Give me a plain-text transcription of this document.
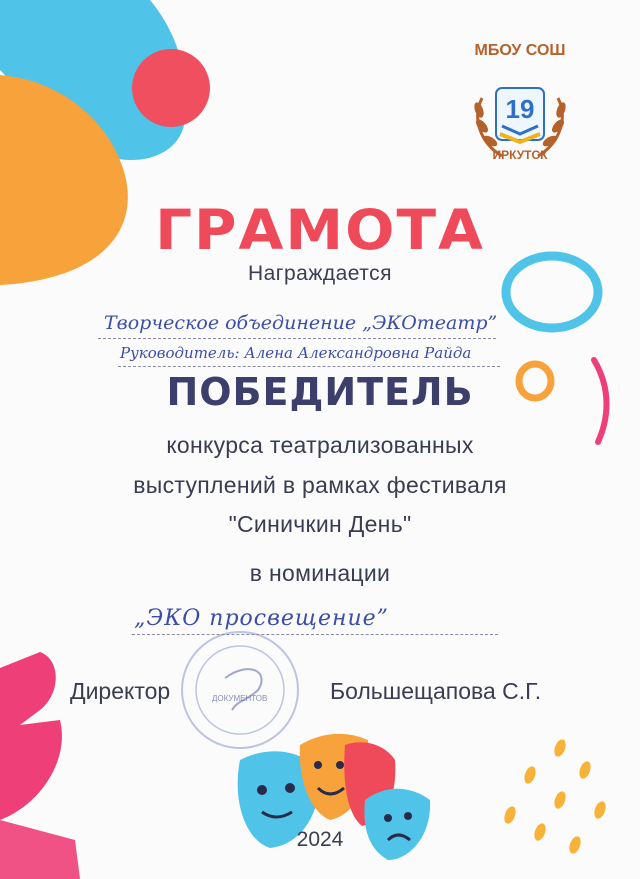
МБОУ СОШ
19
ИРКУТСК
ГРАМОТА
Награждается
Творческое объединение „ЭКОтеатр”
Руководитель: Алена Александровна Райда
ПОБЕДИТЕЛЬ
конкурса театрализованных
выступлений в рамках фестиваля
"Синичкин День"
в номинации
„ЭКО просвещение”
ДОКУМЕНТОВ
Директор	Большещапова С.Г.
2024
